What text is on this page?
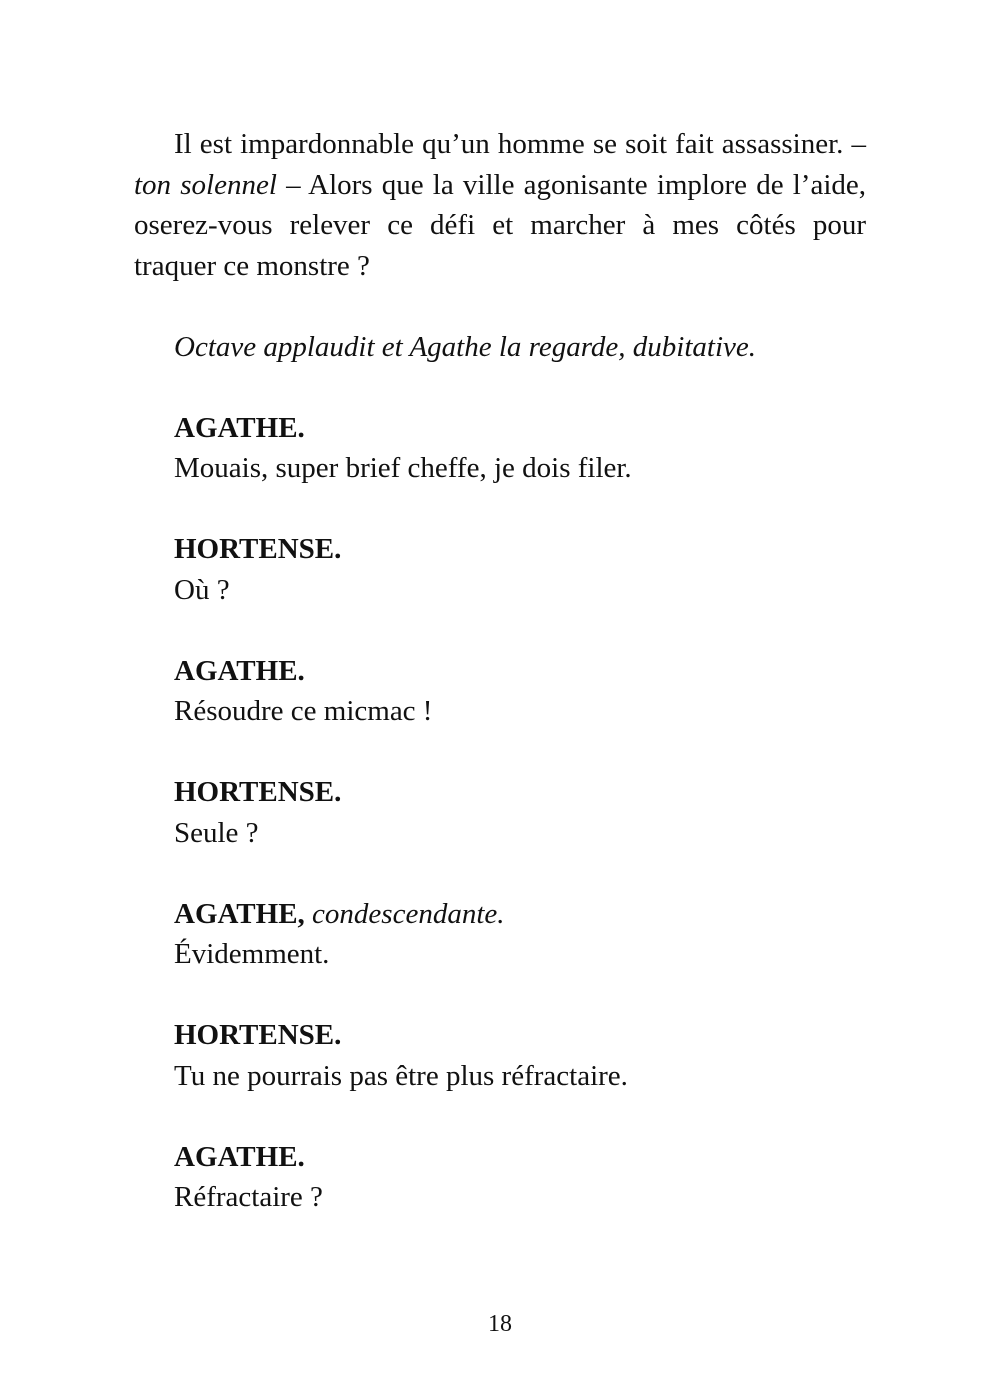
Il est impardonnable qu’un homme se soit fait assassiner. – ton solennel – Alors que la ville agonisante implore de l’aide, oserez-vous relever ce défi et marcher à mes côtés pour traquer ce monstre ?

Octave applaudit et Agathe la regarde, dubitative.

AGATHE.
Mouais, super brief cheffe, je dois filer.
HORTENSE.
Où ?
AGATHE.
Résoudre ce micmac !
HORTENSE.
Seule ?
AGATHE, condescendante.
Évidemment.
HORTENSE.
Tu ne pourrais pas être plus réfractaire.
AGATHE.
Réfractaire ?
18
